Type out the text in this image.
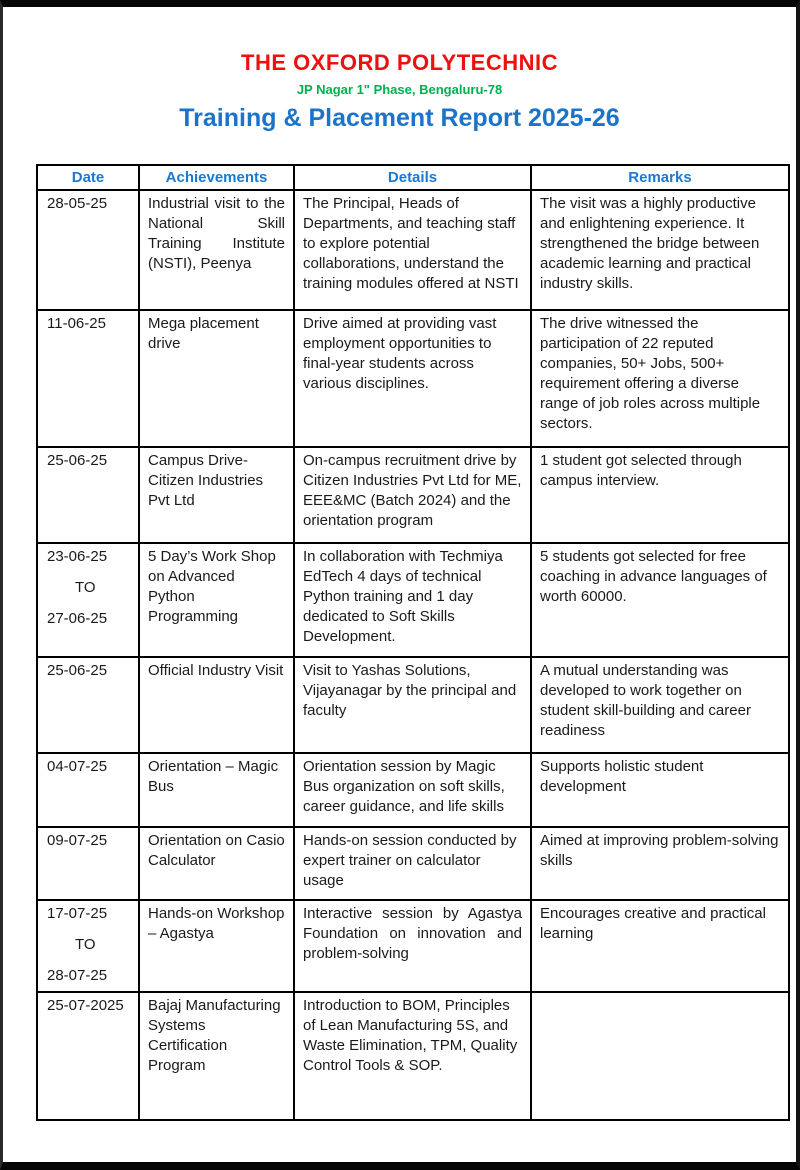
THE OXFORD POLYTECHNIC
JP Nagar 1" Phase, Bengaluru-78
Training & Placement Report 2025-26
Date	Achievements	Details	Remarks

28-05-25	Industrial visit to the National Skill Training Institute (NSTI), Peenya	The Principal, Heads of Departments, and teaching staff to explore potential collaborations, understand the training modules offered at NSTI	The visit was a highly productive and enlightening experience. It strengthened the bridge between academic learning and practical industry skills.

11-06-25	Mega placement drive	Drive aimed at providing vast employment opportunities to final-year students across various disciplines.	The drive witnessed the participation of 22 reputed companies, 50+ Jobs, 500+ requirement offering a diverse range of job roles across multiple sectors.

25-06-25	Campus Drive- Citizen Industries Pvt Ltd	On-campus recruitment drive by Citizen Industries Pvt Ltd for ME, EEE&MC (Batch 2024) and the orientation program	1 student got selected through campus interview.

23-06-25
TO
27-06-25	5 Day’s Work Shop on Advanced Python Programming	In collaboration with Techmiya EdTech 4 days of technical Python training and 1 day dedicated to Soft Skills Development.	5 students got selected for free coaching in advance languages of worth 60000.

25-06-25	Official Industry Visit	Visit to Yashas Solutions, Vijayanagar by the principal and faculty	A mutual understanding was developed to work together on student skill-building and career readiness

04-07-25	Orientation – Magic Bus	Orientation session by Magic Bus organization on soft skills, career guidance, and life skills	Supports holistic student development

09-07-25	Orientation on Casio Calculator	Hands-on session conducted by expert trainer on calculator usage	Aimed at improving problem-solving skills

17-07-25
TO
28-07-25	Hands-on Workshop – Agastya	Interactive session by Agastya Foundation on innovation and problem-solving	Encourages creative and practical learning

25-07-2025	Bajaj Manufacturing Systems Certification Program	Introduction to BOM, Principles of Lean Manufacturing 5S, and Waste Elimination, TPM, Quality Control Tools & SOP.	
